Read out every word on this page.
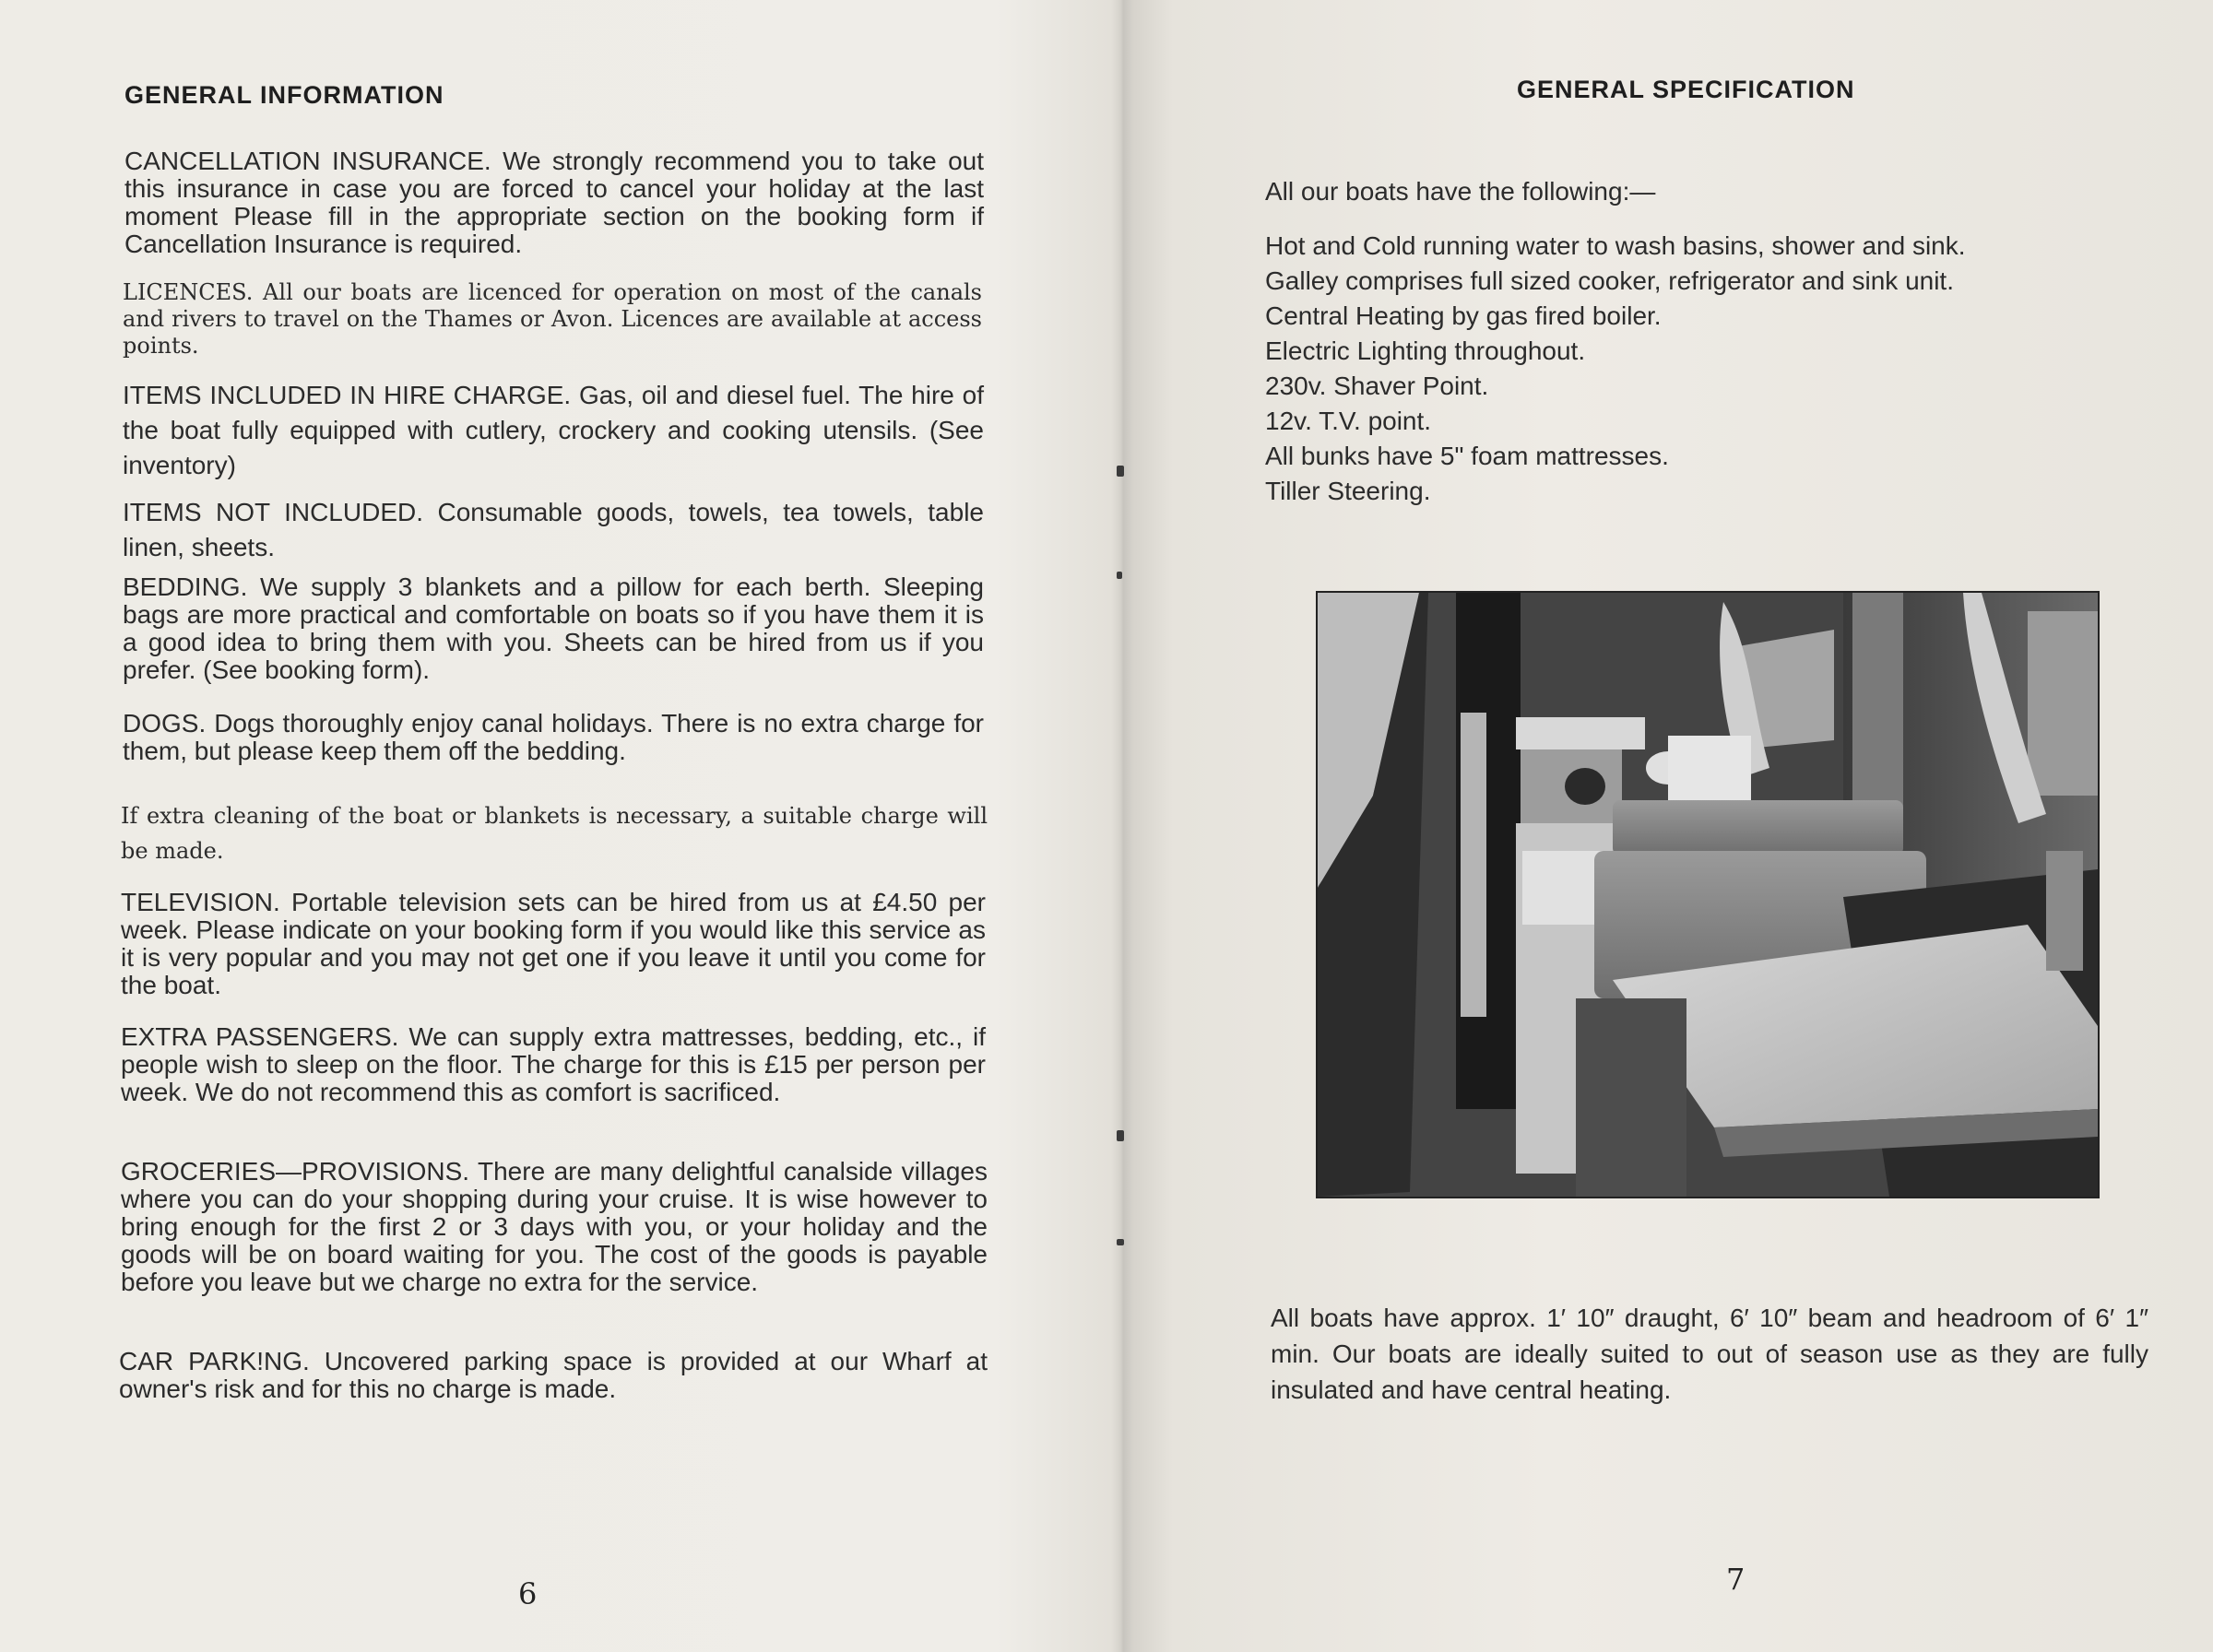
GENERAL INFORMATION

CANCELLATION INSURANCE. We strongly recommend you to take out this insurance in case you are forced to cancel your holiday at the last moment Please fill in the appropriate section on the booking form if Cancellation Insurance is required.

LICENCES. All our boats are licenced for operation on most of the canals and rivers to travel on the Thames or Avon. Licences are available at access points.

ITEMS INCLUDED IN HIRE CHARGE. Gas, oil and diesel fuel. The hire of the boat fully equipped with cutlery, crockery and cooking utensils. (See inventory)

ITEMS NOT INCLUDED. Consumable goods, towels, tea towels, table linen, sheets.

BEDDING. We supply 3 blankets and a pillow for each berth. Sleeping bags are more practical and comfortable on boats so if you have them it is a good idea to bring them with you. Sheets can be hired from us if you prefer. (See booking form).

DOGS. Dogs thoroughly enjoy canal holidays. There is no extra charge for them, but please keep them off the bedding.

If extra cleaning of the boat or blankets is necessary, a suitable charge will be made.

TELEVISION. Portable television sets can be hired from us at £4.50 per week. Please indicate on your booking form if you would like this service as it is very popular and you may not get one if you leave it until you come for the boat.

EXTRA PASSENGERS. We can supply extra mattresses, bedding, etc., if people wish to sleep on the floor. The charge for this is £15 per person per week. We do not recommend this as comfort is sacrificed.

GROCERIES—PROVISIONS. There are many delightful canalside villages where you can do your shopping during your cruise. It is wise however to bring enough for the first 2 or 3 days with you, or your holiday and the goods will be on board waiting for you. The cost of the goods is payable before you leave but we charge no extra for the service.

CAR PARK!NG. Uncovered parking space is provided at our Wharf at owner's risk and for this no charge is made.

6
GENERAL SPECIFICATION

All our boats have the following:—

Hot and Cold running water to wash basins, shower and sink.
Galley comprises full sized cooker, refrigerator and sink unit.
Central Heating by gas fired boiler.
Electric Lighting throughout.
230v. Shaver Point.
12v. T.V. point.
All bunks have 5" foam mattresses.
Tiller Steering.

All boats have approx. 1′ 10″ draught, 6′ 10″ beam and headroom of 6′ 1″ min. Our boats are ideally suited to out of season use as they are fully insulated and have central heating.

7
